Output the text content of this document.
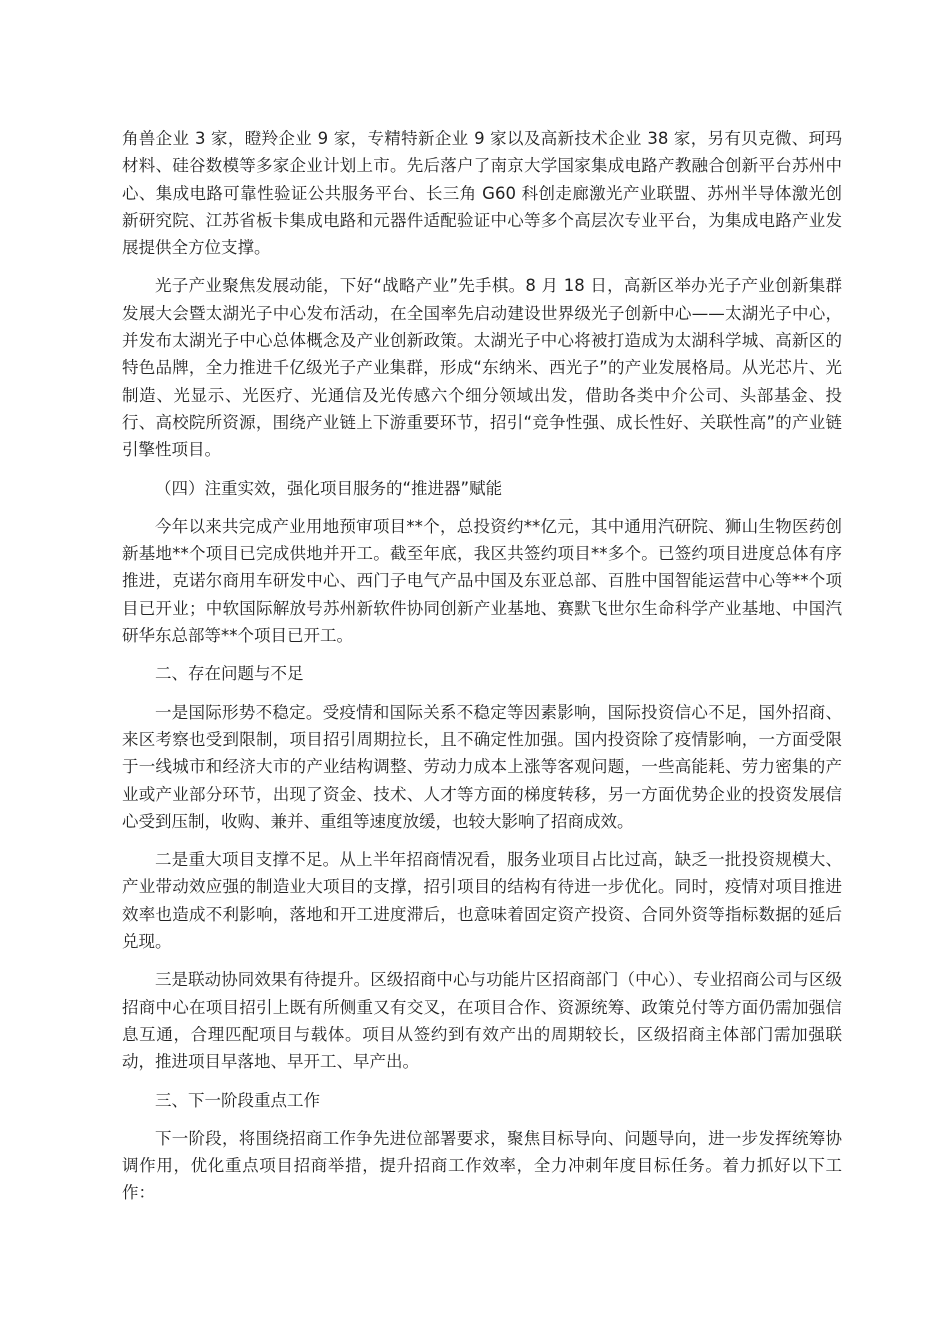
角兽企业 3 家，瞪羚企业 9 家，专精特新企业 9 家以及高新技术企业 38 家，另有贝克微、珂玛材料、硅谷数模等多家企业计划上市。先后落户了南京大学国家集成电路产教融合创新平台苏州中心、集成电路可靠性验证公共服务平台、长三角 G60 科创走廊激光产业联盟、苏州半导体激光创新研究院、江苏省板卡集成电路和元器件适配验证中心等多个高层次专业平台，为集成电路产业发展提供全方位支撑。

光子产业聚焦发展动能，下好“战略产业”先手棋。8 月 18 日，高新区举办光子产业创新集群发展大会暨太湖光子中心发布活动，在全国率先启动建设世界级光子创新中心——太湖光子中心，并发布太湖光子中心总体概念及产业创新政策。太湖光子中心将被打造成为太湖科学城、高新区的特色品牌，全力推进千亿级光子产业集群，形成“东纳米、西光子”的产业发展格局。从光芯片、光制造、光显示、光医疗、光通信及光传感六个细分领域出发，借助各类中介公司、头部基金、投行、高校院所资源，围绕产业链上下游重要环节，招引“竞争性强、成长性好、关联性高”的产业链引擎性项目。

（四）注重实效，强化项目服务的“推进器”赋能

今年以来共完成产业用地预审项目**个，总投资约**亿元，其中通用汽研院、狮山生物医药创新基地**个项目已完成供地并开工。截至年底，我区共签约项目**多个。已签约项目进度总体有序推进，克诺尔商用车研发中心、西门子电气产品中国及东亚总部、百胜中国智能运营中心等**个项目已开业；中软国际解放号苏州新软件协同创新产业基地、赛默飞世尔生命科学产业基地、中国汽研华东总部等**个项目已开工。

二、存在问题与不足

一是国际形势不稳定。受疫情和国际关系不稳定等因素影响，国际投资信心不足，国外招商、来区考察也受到限制，项目招引周期拉长，且不确定性加强。国内投资除了疫情影响，一方面受限于一线城市和经济大市的产业结构调整、劳动力成本上涨等客观问题，一些高能耗、劳力密集的产业或产业部分环节，出现了资金、技术、人才等方面的梯度转移，另一方面优势企业的投资发展信心受到压制，收购、兼并、重组等速度放缓，也较大影响了招商成效。

二是重大项目支撑不足。从上半年招商情况看，服务业项目占比过高，缺乏一批投资规模大、产业带动效应强的制造业大项目的支撑，招引项目的结构有待进一步优化。同时，疫情对项目推进效率也造成不利影响，落地和开工进度滞后，也意味着固定资产投资、合同外资等指标数据的延后兑现。

三是联动协同效果有待提升。区级招商中心与功能片区招商部门（中心）、专业招商公司与区级招商中心在项目招引上既有所侧重又有交叉，在项目合作、资源统筹、政策兑付等方面仍需加强信息互通，合理匹配项目与载体。项目从签约到有效产出的周期较长，区级招商主体部门需加强联动，推进项目早落地、早开工、早产出。

三、下一阶段重点工作

下一阶段，将围绕招商工作争先进位部署要求，聚焦目标导向、问题导向，进一步发挥统筹协调作用，优化重点项目招商举措，提升招商工作效率，全力冲刺年度目标任务。着力抓好以下工作：
